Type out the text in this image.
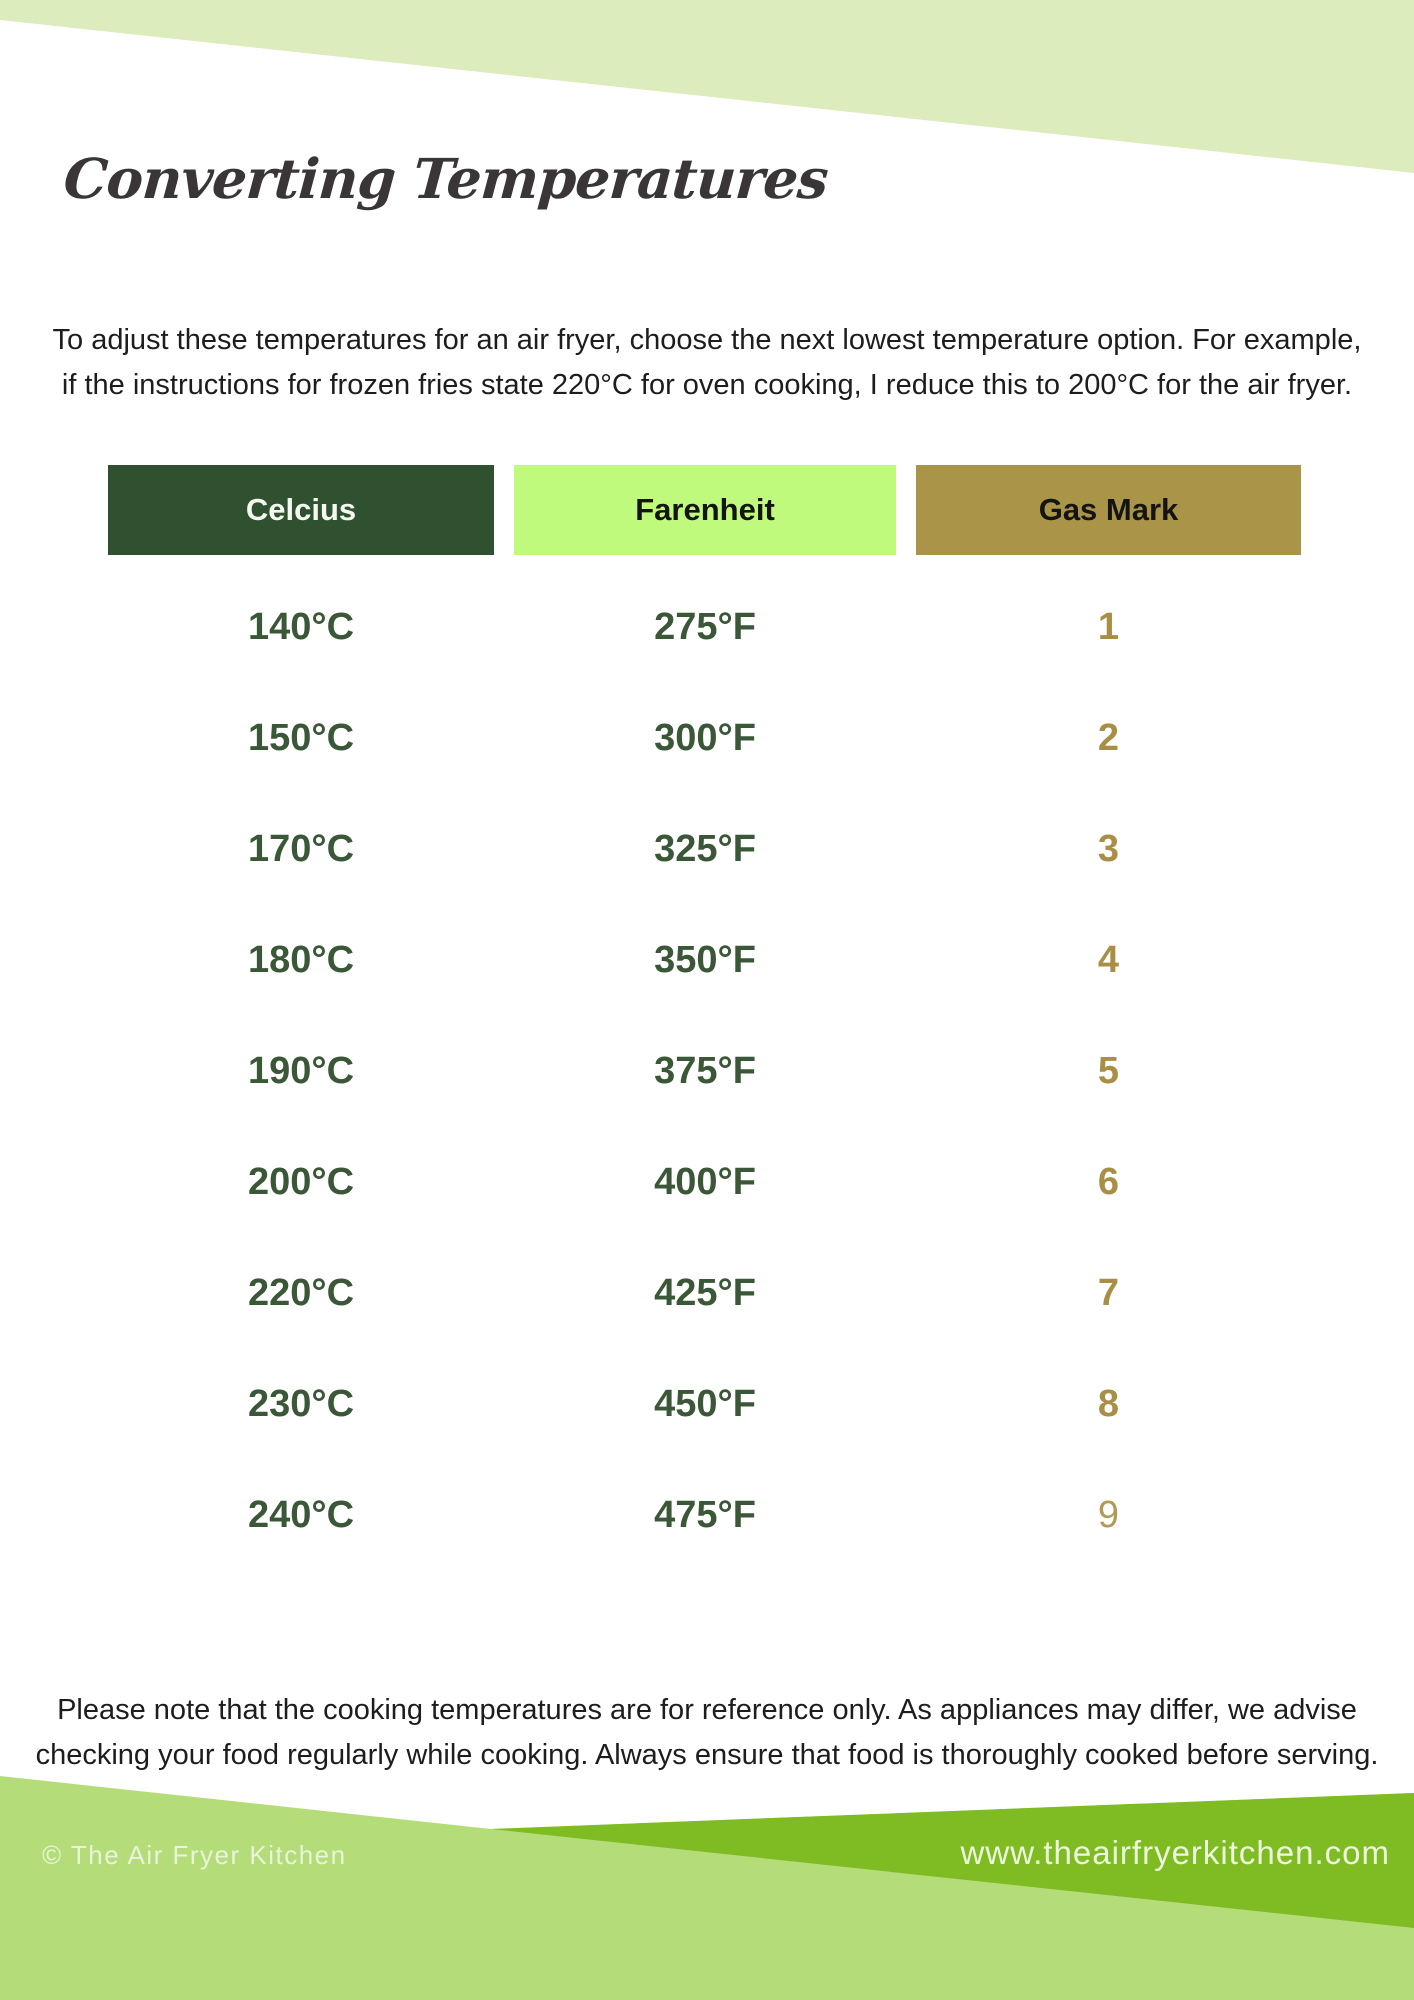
Converting Temperatures
To adjust these temperatures for an air fryer, choose the next lowest temperature option. For example,
if the instructions for frozen fries state 220°C for oven cooking, I reduce this to 200°C for the air fryer.
Celcius	Farenheit	Gas Mark
140°C	275°F	1
150°C	300°F	2
170°C	325°F	3
180°C	350°F	4
190°C	375°F	5
200°C	400°F	6
220°C	425°F	7
230°C	450°F	8
240°C	475°F	9
Please note that the cooking temperatures are for reference only. As appliances may differ, we advise
checking your food regularly while cooking. Always ensure that food is thoroughly cooked before serving.
© The Air Fryer Kitchen	www.theairfryerkitchen.com
